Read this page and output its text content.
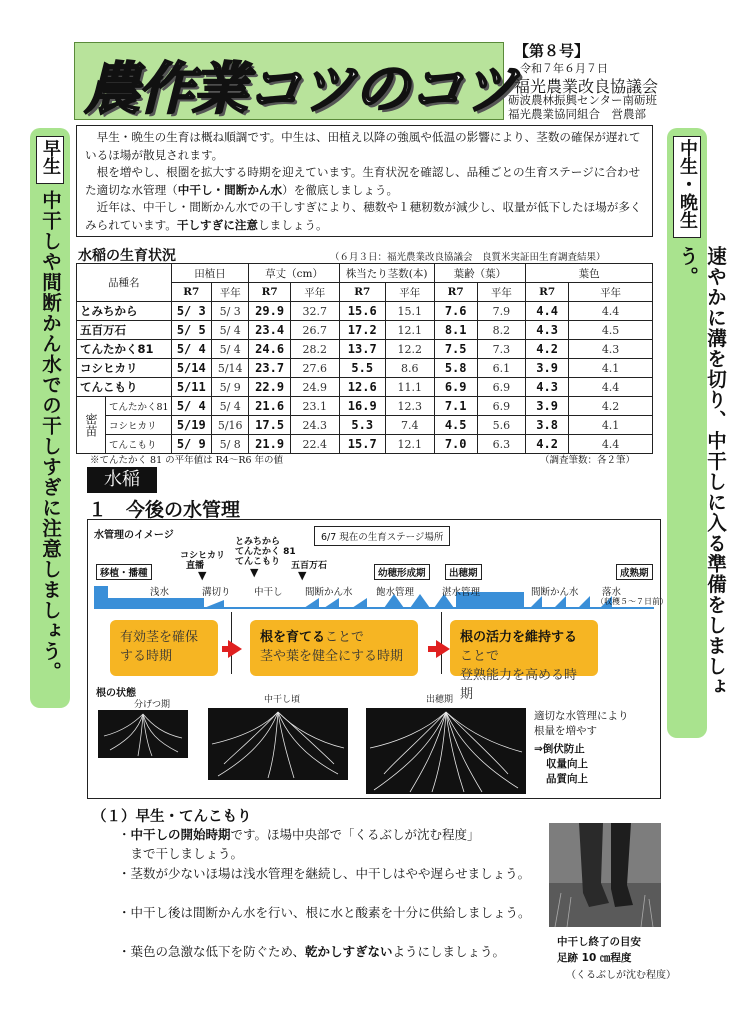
農作業コツのコツ
【第８号】
令和７年６月７日
福光農業改良協議会
砺波農林振興センター南砺班
福光農業協同組合　営農部
早生
中干しや間断かん水での干しすぎに注意しましょう。
中生・晩生
速やかに溝を切り、中干しに入る準備をしましょう。

早生・晩生の生育は概ね順調です。中生は、田植え以降の強風や低温の影響により、茎数の確保が遅れているほ場が散見されます。

根を増やし、根圏を拡大する時期を迎えています。生育状況を確認し、品種ごとの生育ステージに合わせた適切な水管理（中干し・間断かん水）を徹底しましょう。

近年は、中干し・間断かん水での干しすぎにより、穂数や１穂籾数が減少し、収量が低下したほ場が多くみられています。干しすぎに注意しましょう。

水稲の生育状況	（６月３日：福光農業改良協議会　良質米実証田生育調査結果）
品種名		田植日		草丈（cm）		株当たり茎数(本)		葉齢（葉）		葉色	
		R7	平年	R7	平年	R7	平年	R7	平年	R7	平年
とみちから		5/ 3	5/ 3	29.9	32.7	15.6	15.1	7.6	7.9	4.4	4.4
五百万石		5/ 5	5/ 4	23.4	26.7	17.2	12.1	8.1	8.2	4.3	4.5
てんたかく81		5/ 4	5/ 4	24.6	28.2	13.7	12.2	7.5	7.3	4.2	4.3
コシヒカリ		5/14	5/14	23.7	27.6	5.5	8.6	5.8	6.1	3.9	4.1
てんこもり		5/11	5/ 9	22.9	24.9	12.6	11.1	6.9	6.9	4.3	4.4
密苗	てんたかく81	5/ 4	5/ 4	21.6	23.1	16.9	12.3	7.1	6.9	3.9	4.2
	コシヒカリ	5/19	5/16	17.5	24.3	5.3	7.4	4.5	5.6	3.8	4.1
	てんこもり	5/ 9	5/ 8	21.9	22.4	15.7	12.1	7.0	6.3	4.2	4.4
※てんたかく 81 の平年値は R4～R6 年の値	（調査筆数：各２筆）
水稲
１　今後の水管理
水管理のイメージ	6/7 現在の生育ステージ場所
コシヒカリ
直播
とみちから
てんたかく 81
てんこもり 五百万石
▼	▼	▼
移植・播種	幼穂形成期	出穂期	成熟期
浅水	溝切り 中干し 間断かん水 飽水管理	湛水管理	間断かん水 落水
（収穫５～７日前）
有効茎を確保する時期
根を育てることで
茎や葉を健全にする時期
根の活力を維持することで
登熟能力を高める時期
根の状態
分げつ期	中干し頃	出穂期
適切な水管理により
根量を増やす
⇒倒伏防止
収量向上
品質向上
（１）早生・てんこもり
・中干しの開始時期です。ほ場中央部で「くるぶしが沈む程度」
まで干しましょう。
・茎数が少ないほ場は浅水管理を継続し、中干しはやや遅らせましょう。
・中干し後は間断かん水を行い、根に水と酸素を十分に供給しましょう。
・葉色の急激な低下を防ぐため、乾かしすぎないようにしましょう。
中干し終了の目安
足跡 10 ㎝程度
（くるぶしが沈む程度）
